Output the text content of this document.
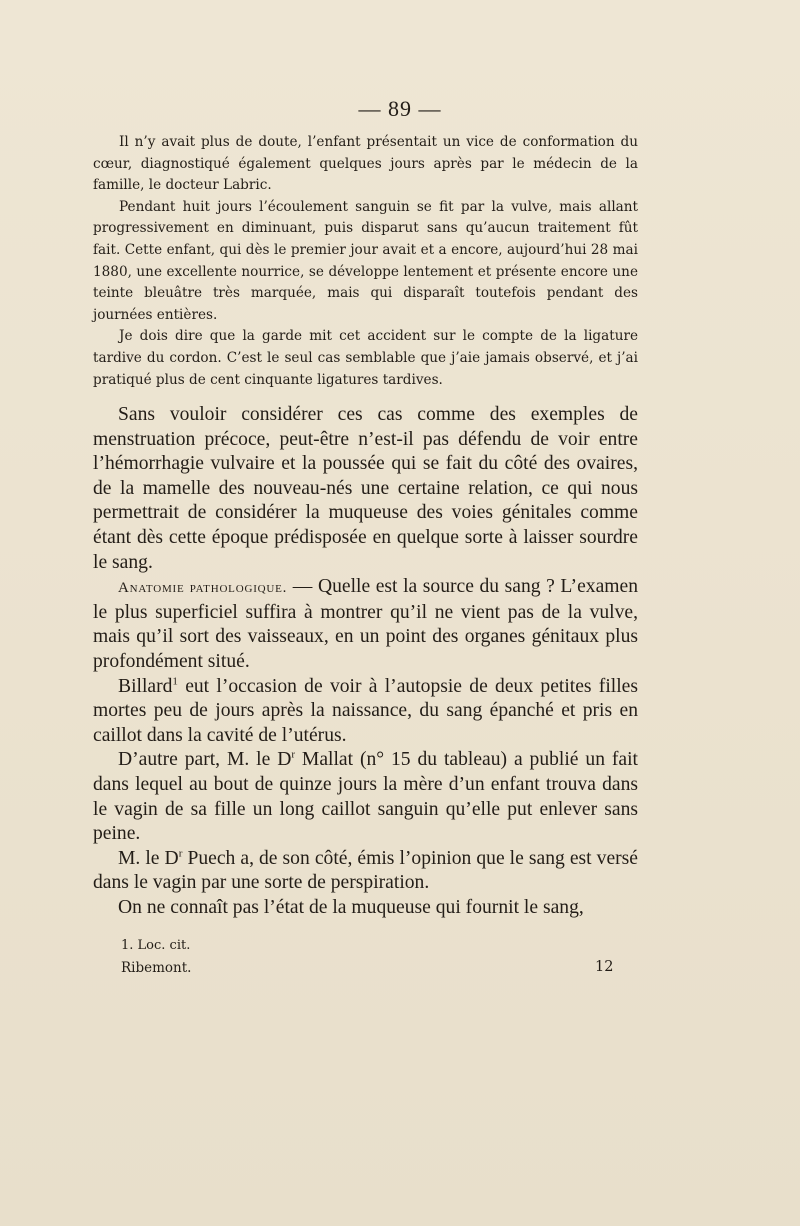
— 89 —

Il n’y avait plus de doute, l’enfant présentait un vice de conformation du cœur, diagnostiqué également quelques jours après par le médecin de la famille, le docteur Labric.

Pendant huit jours l’écoulement sanguin se fit par la vulve, mais allant progressivement en diminuant, puis disparut sans qu’aucun traitement fût fait. Cette enfant, qui dès le premier jour avait et a encore, aujourd’hui 28 mai 1880, une excellente nourrice, se développe lentement et présente encore une teinte bleuâtre très marquée, mais qui disparaît toutefois pendant des journées entières.

Je dois dire que la garde mit cet accident sur le compte de la ligature tardive du cordon. C’est le seul cas semblable que j’aie jamais observé, et j’ai pratiqué plus de cent cinquante ligatures tardives.

Sans vouloir considérer ces cas comme des exemples de menstruation précoce, peut-être n’est-il pas défendu de voir entre l’hémorrhagie vulvaire et la poussée qui se fait du côté des ovaires, de la mamelle des nouveau-nés une certaine relation, ce qui nous permettrait de considérer la muqueuse des voies génitales comme étant dès cette époque prédisposée en quelque sorte à laisser sourdre le sang.

Anatomie pathologique. — Quelle est la source du sang ? L’examen le plus superficiel suffira à montrer qu’il ne vient pas de la vulve, mais qu’il sort des vaisseaux, en un point des organes génitaux plus profondément situé.

Billard$^1$ eut l’occasion de voir à l’autopsie de deux petites filles mortes peu de jours après la naissance, du sang épanché et pris en caillot dans la cavité de l’utérus.

D’autre part, M. le $D^r$ Mallat (n° 15 du tableau) a publié un fait dans lequel au bout de quinze jours la mère d’un enfant trouva dans le vagin de sa fille un long caillot sanguin qu’elle put enlever sans peine.

M. le $D^r$ Puech a, de son côté, émis l’opinion que le sang est versé dans le vagin par une sorte de perspiration.

On ne connaît pas l’état de la muqueuse qui fournit le sang,

1. Loc. cit.
Ribemont.	12
